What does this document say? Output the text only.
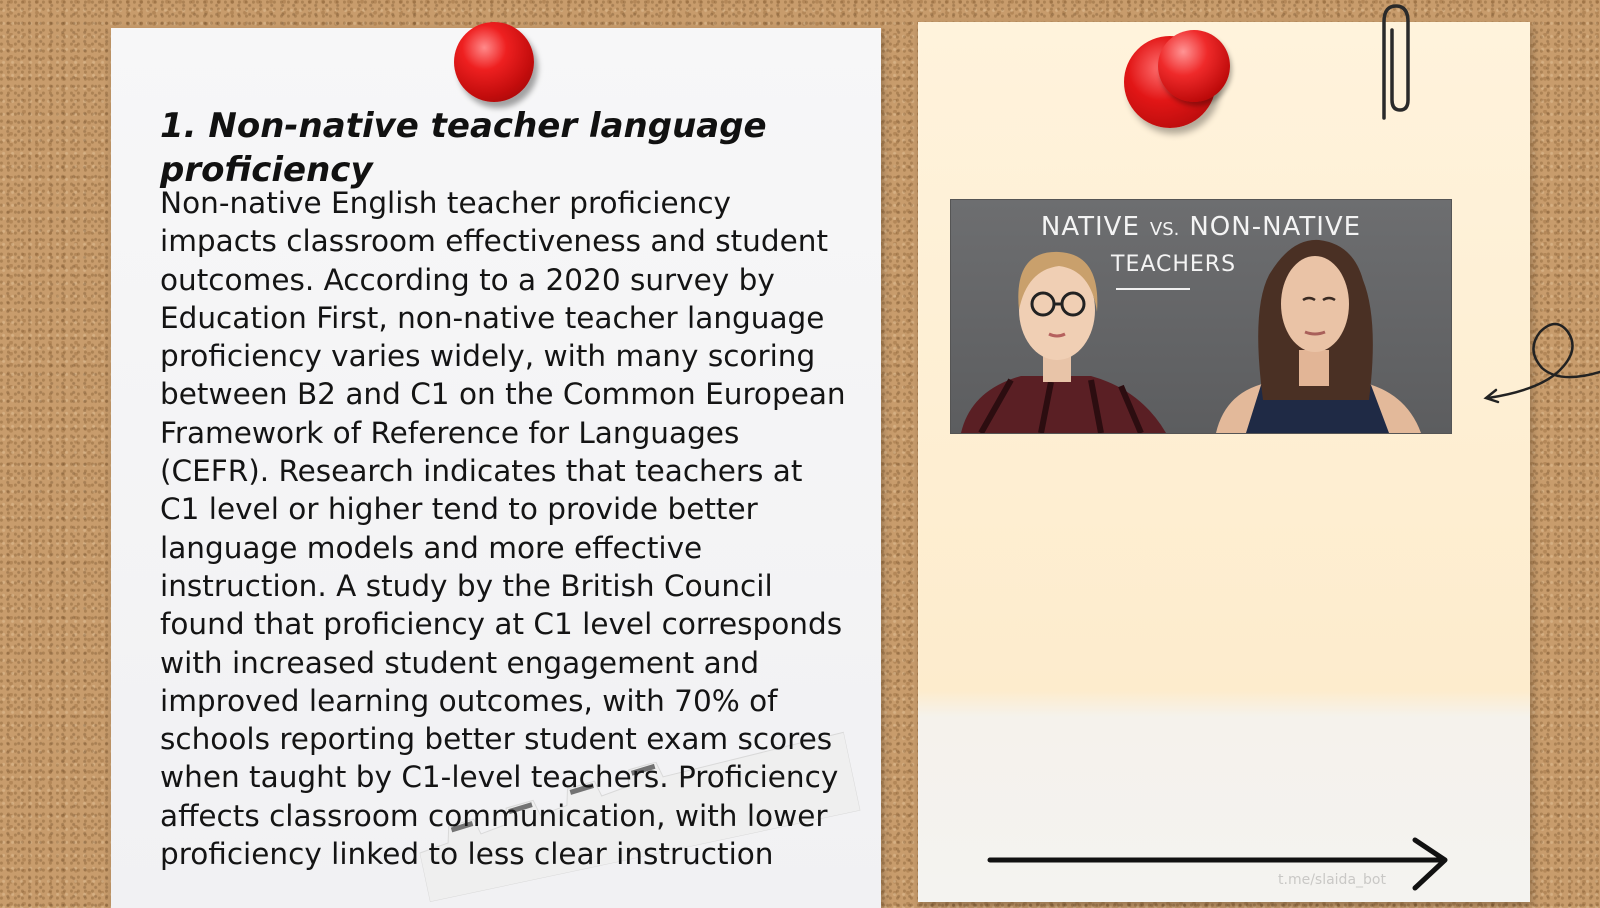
1. Non-native teacher language proficiency

Non-native English teacher proficiency impacts classroom effectiveness and student outcomes. According to a 2020 survey by Education First, non-native teacher language proficiency varies widely, with many scoring between B2 and C1 on the Common European Framework of Reference for Languages (CEFR). Research indicates that teachers at C1 level or higher tend to provide better language models and more effective instruction. A study by the British Council found that proficiency at C1 level corresponds with increased student engagement and improved learning outcomes, with 70% of schools reporting better student exam scores when taught by C1-level teachers. Proficiency affects classroom communication, with lower proficiency linked to less clear instruction

NATIVE VS. NON-NATIVE

TEACHERS

t.me/slaida_bot
